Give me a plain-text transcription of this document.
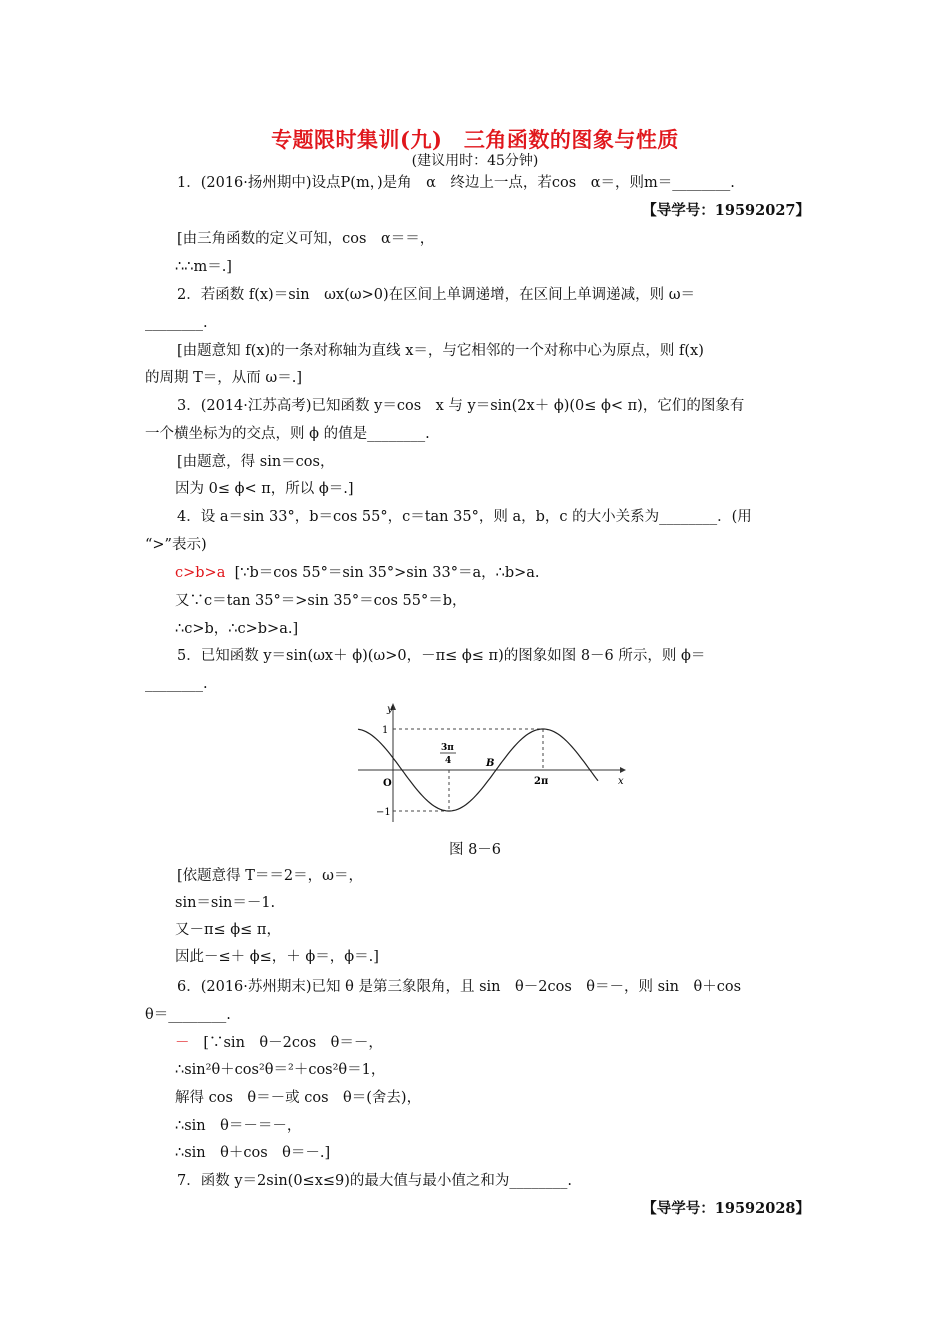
专题限时集训(九)　三角函数的图象与性质
(建议用时：45分钟)
1．(2016·扬州期中)设点P(m，)是角　α　终边上一点，若cos　α＝，则m＝________.
【导学号：19592027】
[由三角函数的定义可知，cos　α＝＝，
∴∴m＝.]
2．若函数 f(x)＝sin　ωx(ω>0)在区间上单调递增，在区间上单调递减，则 ω＝
________.
[由题意知 f(x)的一条对称轴为直线 x＝，与它相邻的一个对称中心为原点，则 f(x)
的周期 T＝，从而 ω＝.]
3．(2014·江苏高考)已知函数 y＝cos　x 与 y＝sin(2x＋ ϕ)(0≤ ϕ< π)，它们的图象有
一个横坐标为的交点，则 ϕ 的值是________.
[由题意，得 sin＝cos，
因为 0≤ ϕ< π，所以 ϕ＝.]
4．设 a＝sin 33°，b＝cos 55°，c＝tan 35°，则 a，b，c 的大小关系为________．(用
“>”表示)
c>b>a [∵b＝cos 55°＝sin 35°>sin 33°＝a，∴b>a.
又∵c＝tan 35°＝>sin 35°＝cos 55°＝b，
∴c>b，∴c>b>a.]
5．已知函数 y＝sin(ωx＋ ϕ)(ω>0，－π≤ ϕ≤ π)的图象如图 8－6 所示，则 ϕ＝
________.
y
x
O
1
−1
3π
4	B
2π
图 8－6
[依题意得 T＝＝2＝，ω＝，
sin＝sin＝－1.
又－π≤ ϕ≤ π，
因此－≤＋ ϕ≤，＋ ϕ＝，ϕ＝.]
6．(2016·苏州期末)已知 θ 是第三象限角，且 sin　θ－2cos　θ＝－，则 sin　θ＋cos
θ＝________.
－ [∵sin　θ－2cos　θ＝－，
∴sin²θ＋cos²θ＝²＋cos²θ＝1，
解得 cos　θ＝－或 cos　θ＝(舍去)，
∴sin　θ＝－＝－，
∴sin　θ＋cos　θ＝－.]
7．函数 y＝2sin(0≤x≤9)的最大值与最小值之和为________.
【导学号：19592028】
